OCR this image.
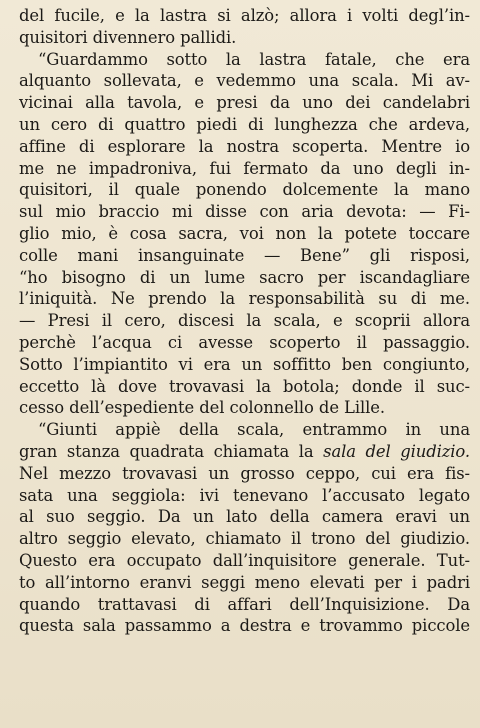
del fucile, e la lastra si alzò; allora i volti degl’in-
quisitori divennero pallidi.
“Guardammo sotto la lastra fatale, che era
alquanto sollevata, e vedemmo una scala. Mi av-
vicinai alla tavola, e presi da uno dei candelabri
un cero di quattro piedi di lunghezza che ardeva,
affine di esplorare la nostra scoperta. Mentre io
me ne impadroniva, fui fermato da uno degli in-
quisitori, il quale ponendo dolcemente la mano
sul mio braccio mi disse con aria devota: — Fi-
glio mio, è cosa sacra, voi non la potete toccare
colle mani insanguinate — Bene” gli risposi,
“ho bisogno di un lume sacro per iscandagliare
l’iniquità. Ne prendo la responsabilità su di me.
— Presi il cero, discesi la scala, e scoprii allora
perchè l’acqua ci avesse scoperto il passaggio.
Sotto l’impiantito vi era un soffitto ben congiunto,
eccetto là dove trovavasi la botola; donde il suc-
cesso dell’espediente del colonnello de Lille.
“Giunti appiè della scala, entrammo in una
gran stanza quadrata chiamata la sala del giudizio.
Nel mezzo trovavasi un grosso ceppo, cui era fis-
sata una seggiola: ivi tenevano l’accusato legato
al suo seggio. Da un lato della camera eravi un
altro seggio elevato, chiamato il trono del giudizio.
Questo era occupato dall’inquisitore generale. Tut-
to all’intorno eranvi seggi meno elevati per i padri
quando trattavasi di affari dell’Inquisizione. Da
questa sala passammo a destra e trovammo piccole
